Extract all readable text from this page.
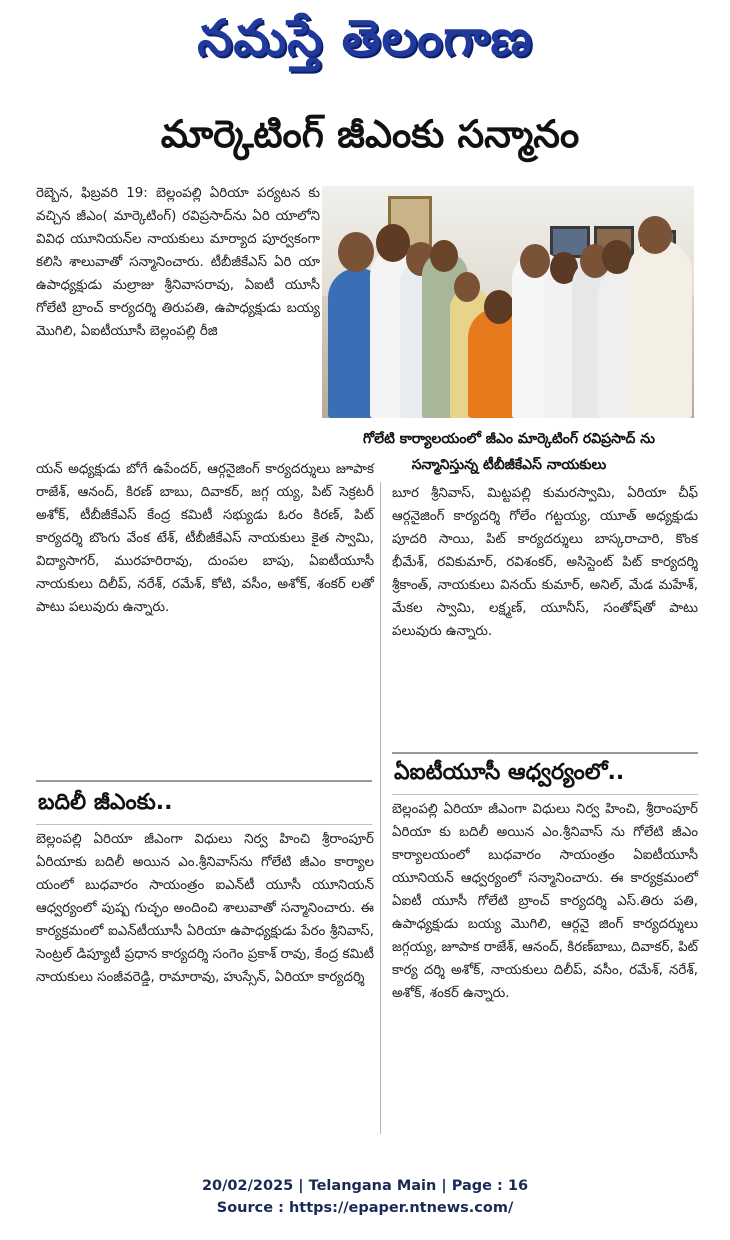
నమస్తే తెలంగాణ
మార్కెటింగ్ జీఎంకు సన్మానం

రెబ్బెన, ఫిబ్రవరి 19: బెల్లంపల్లి ఏరియా పర్యటన కు వచ్చిన జీఎం( మార్కెటింగ్) రవిప్రసాద్‌ను ఏరి యాలోని వివిధ యూనియన్‌ల నాయకులు మార్యాద పూర్వకంగా కలిసి శాలువాతో సన్మానించారు. టీబీజీకేఎస్ ఏరి యా ఉపాధ్యక్షుడు మల్రాజు శ్రీనివాసరావు, ఏఐటీ యూసీ గోలేటి బ్రాంచ్ కార్యదర్శి తిరుపతి, ఉపాధ్యక్షుడు బయ్య మొగిలి, ఏఐటీయూసీ బెల్లంపల్లి రీజి

గోలేటి కార్యాలయంలో జీఎం మార్కెటింగ్ రవిప్రసాద్ ను
సన్మానిస్తున్న టీబీజీకేఎస్ నాయకులు

యన్ అధ్యక్షుడు బోగే ఉపేందర్, ఆర్గనైజింగ్ కార్యదర్శులు జూపాక రాజేశ్, ఆనంద్, కిరణ్ బాబు, దివాకర్, జగ్గ య్య, పిట్ సెక్రటరీ అశోక్, టీబీజీకేఎస్ కేంద్ర కమిటీ సభ్యుడు ఓరం కిరణ్, పిట్ కార్యదర్శి బొంగు వేంక టేశ్, టీబీజీకేఎస్ నాయకులు కైత స్వామి, విద్యాసాగర్, మురహరిరావు, దుంపల బాపు, ఏఐటీయూసీ నాయకులు దిలీప్, నరేశ్, రమేశ్, కోటి, వసీం, అశోక్, శంకర్ లతో పాటు పలువురు ఉన్నారు.

బూర శ్రీనివాస్, మిట్టపల్లి కుమరస్వామి, ఏరియా చీఫ్ ఆర్గనైజింగ్ కార్యదర్శి గోలేం గట్టయ్య, యూత్ అధ్యక్షుడు పూదరి సాయి, పిట్ కార్యదర్శులు బాస్కరాచారి, కొంక భీమేశ్, రవికుమార్, రవిశంకర్, అసిస్టెంట్ పిట్ కార్యదర్శి శ్రీకాంత్, నాయకులు వినయ్ కుమార్, అనిల్, మేడ మహేశ్, మేకల స్వామి, లక్ష్మణ్, యూనీస్, సంతోష్‌తో పాటు పలువురు ఉన్నారు.

బదిలీ జీఎంకు..

బెల్లంపల్లి ఏరియా జీఎంగా విధులు నిర్వ హించి శ్రీరాంపూర్ ఏరియాకు బదిలీ అయిన ఎం.శ్రీనివాస్‌ను గోలేటి జీఎం కార్యాల యంలో బుధవారం సాయంత్రం ఐఎన్‌టీ యూసీ యూనియన్ ఆధ్వర్యంలో పుష్ప గుచ్ఛం అందించి శాలువాతో సన్మానించారు. ఈ కార్యక్రమంలో ఐఎన్‌టీయూసీ ఏరియా ఉపాధ్యక్షుడు పేరం శ్రీనివాస్, సెంట్రల్ డిప్యూటీ ప్రధాన కార్యదర్శి సంగెం ప్రకాశ్ రావు, కేంద్ర కమిటీ నాయకులు సంజీవరెడ్డి, రామారావు, హుస్సేన్, ఏరియా కార్యదర్శి

ఏఐటీయూసీ ఆధ్వర్యంలో..

బెల్లంపల్లి ఏరియా జీఎంగా విధులు నిర్వ హించి, శ్రీరాంపూర్ ఏరియా కు బదిలీ అయిన ఎం.శ్రీనివాస్ ను గోలేటి జీఎం కార్యాలయంలో బుధవారం సాయంత్రం ఏఐటీయూసీ యూనియన్ ఆధ్వర్యంలో సన్మానించారు. ఈ కార్యక్రమంలో ఏఐటీ యూసీ గోలేటి బ్రాంచ్ కార్యదర్శి ఎస్.తిరు పతి, ఉపాధ్యక్షుడు బయ్య మొగిలి, ఆర్గనై జింగ్ కార్యదర్శులు జగ్గయ్య, జూపాక రాజేశ్, ఆనంద్, కిరణ్‌బాబు, దివాకర్, పిట్ కార్య దర్శి అశోక్, నాయకులు దిలీప్, వసీం, రమేశ్, నరేశ్, అశోక్, శంకర్ ఉన్నారు.

20/02/2025 | Telangana Main | Page : 16
Source : https://epaper.ntnews.com/
